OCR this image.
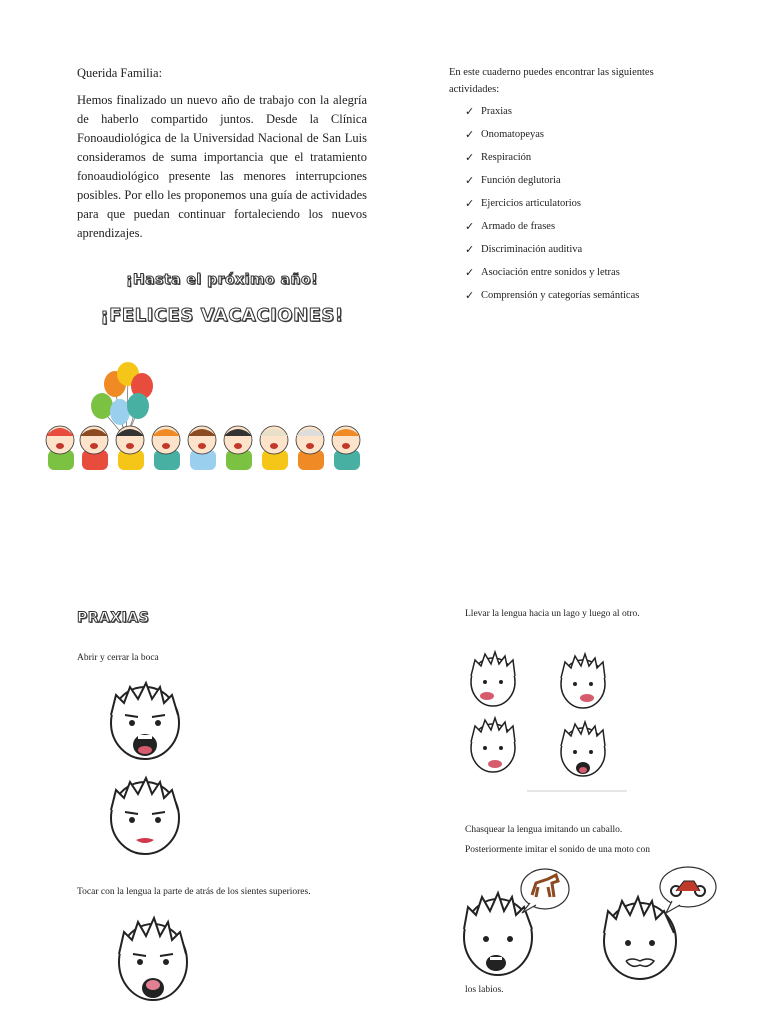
Querida Familia:

Hemos finalizado un nuevo año de trabajo con la alegría de haberlo compartido juntos. Desde la Clínica Fonoaudiológica de la Universidad Nacional de San Luis consideramos de suma importancia que el tratamiento fonoaudiológico presente las menores interrupciones posibles. Por ello les proponemos una guía de actividades para que puedan continuar fortaleciendo los nuevos aprendizajes.

¡Hasta el próximo año!
¡FELICES VACACIONES!
En este cuaderno puedes encontrar las siguientes actividades:
✓ Praxias
✓ Onomatopeyas
✓ Respiración
✓ Función deglutoria
✓ Ejercicios articulatorios
✓ Armado de frases
✓ Discriminación auditiva
✓ Asociación entre sonidos y letras
✓ Comprensión y categorías semánticas
PRAXIAS
Abrir y cerrar la boca
Tocar con la lengua la parte de atrás de los sientes superiores.
Llevar la lengua hacia un lago y luego al otro.
Chasquear la lengua imitando un caballo.
Posteriormente imitar el sonido de una moto con
los labios.
